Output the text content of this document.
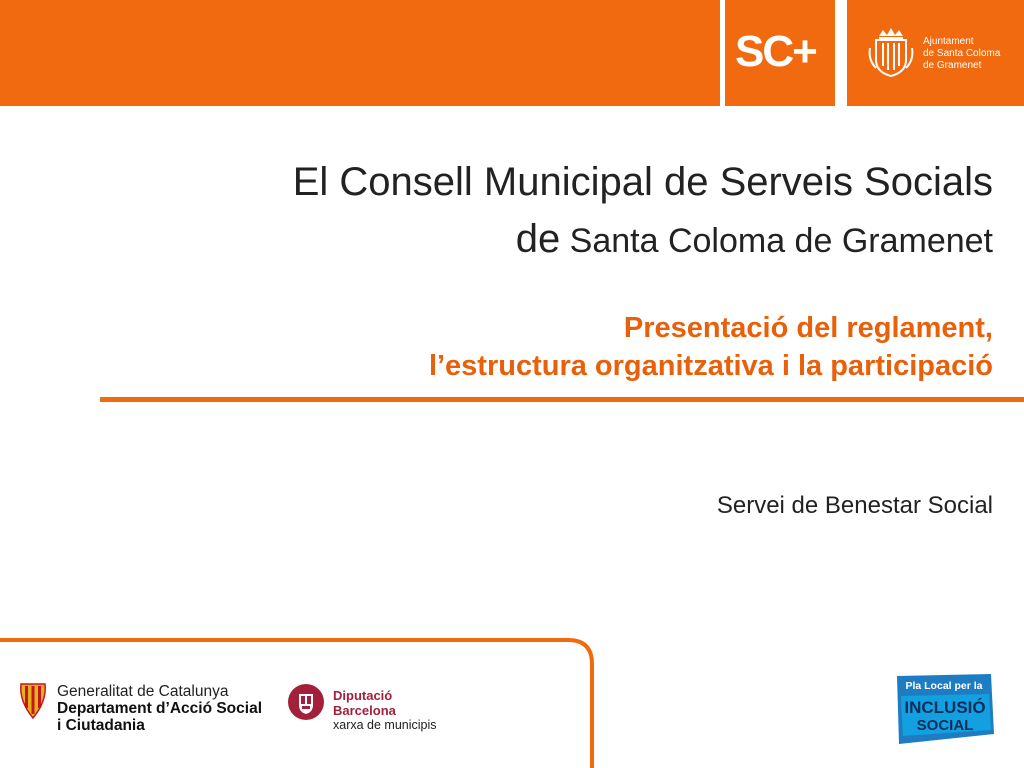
SC+	Ajuntament
de Santa Coloma
de Gramenet
El Consell Municipal de Serveis Socials
de Santa Coloma de Gramenet
Presentació del reglament,
l’estructura organitzativa i la participació
Servei de Benestar Social
Generalitat de Catalunya
Departament d’Acció Social
i Ciutadania
Diputació
Barcelona
xarxa de municipis
Pla Local per la
INCLUSIÓ
SOCIAL
